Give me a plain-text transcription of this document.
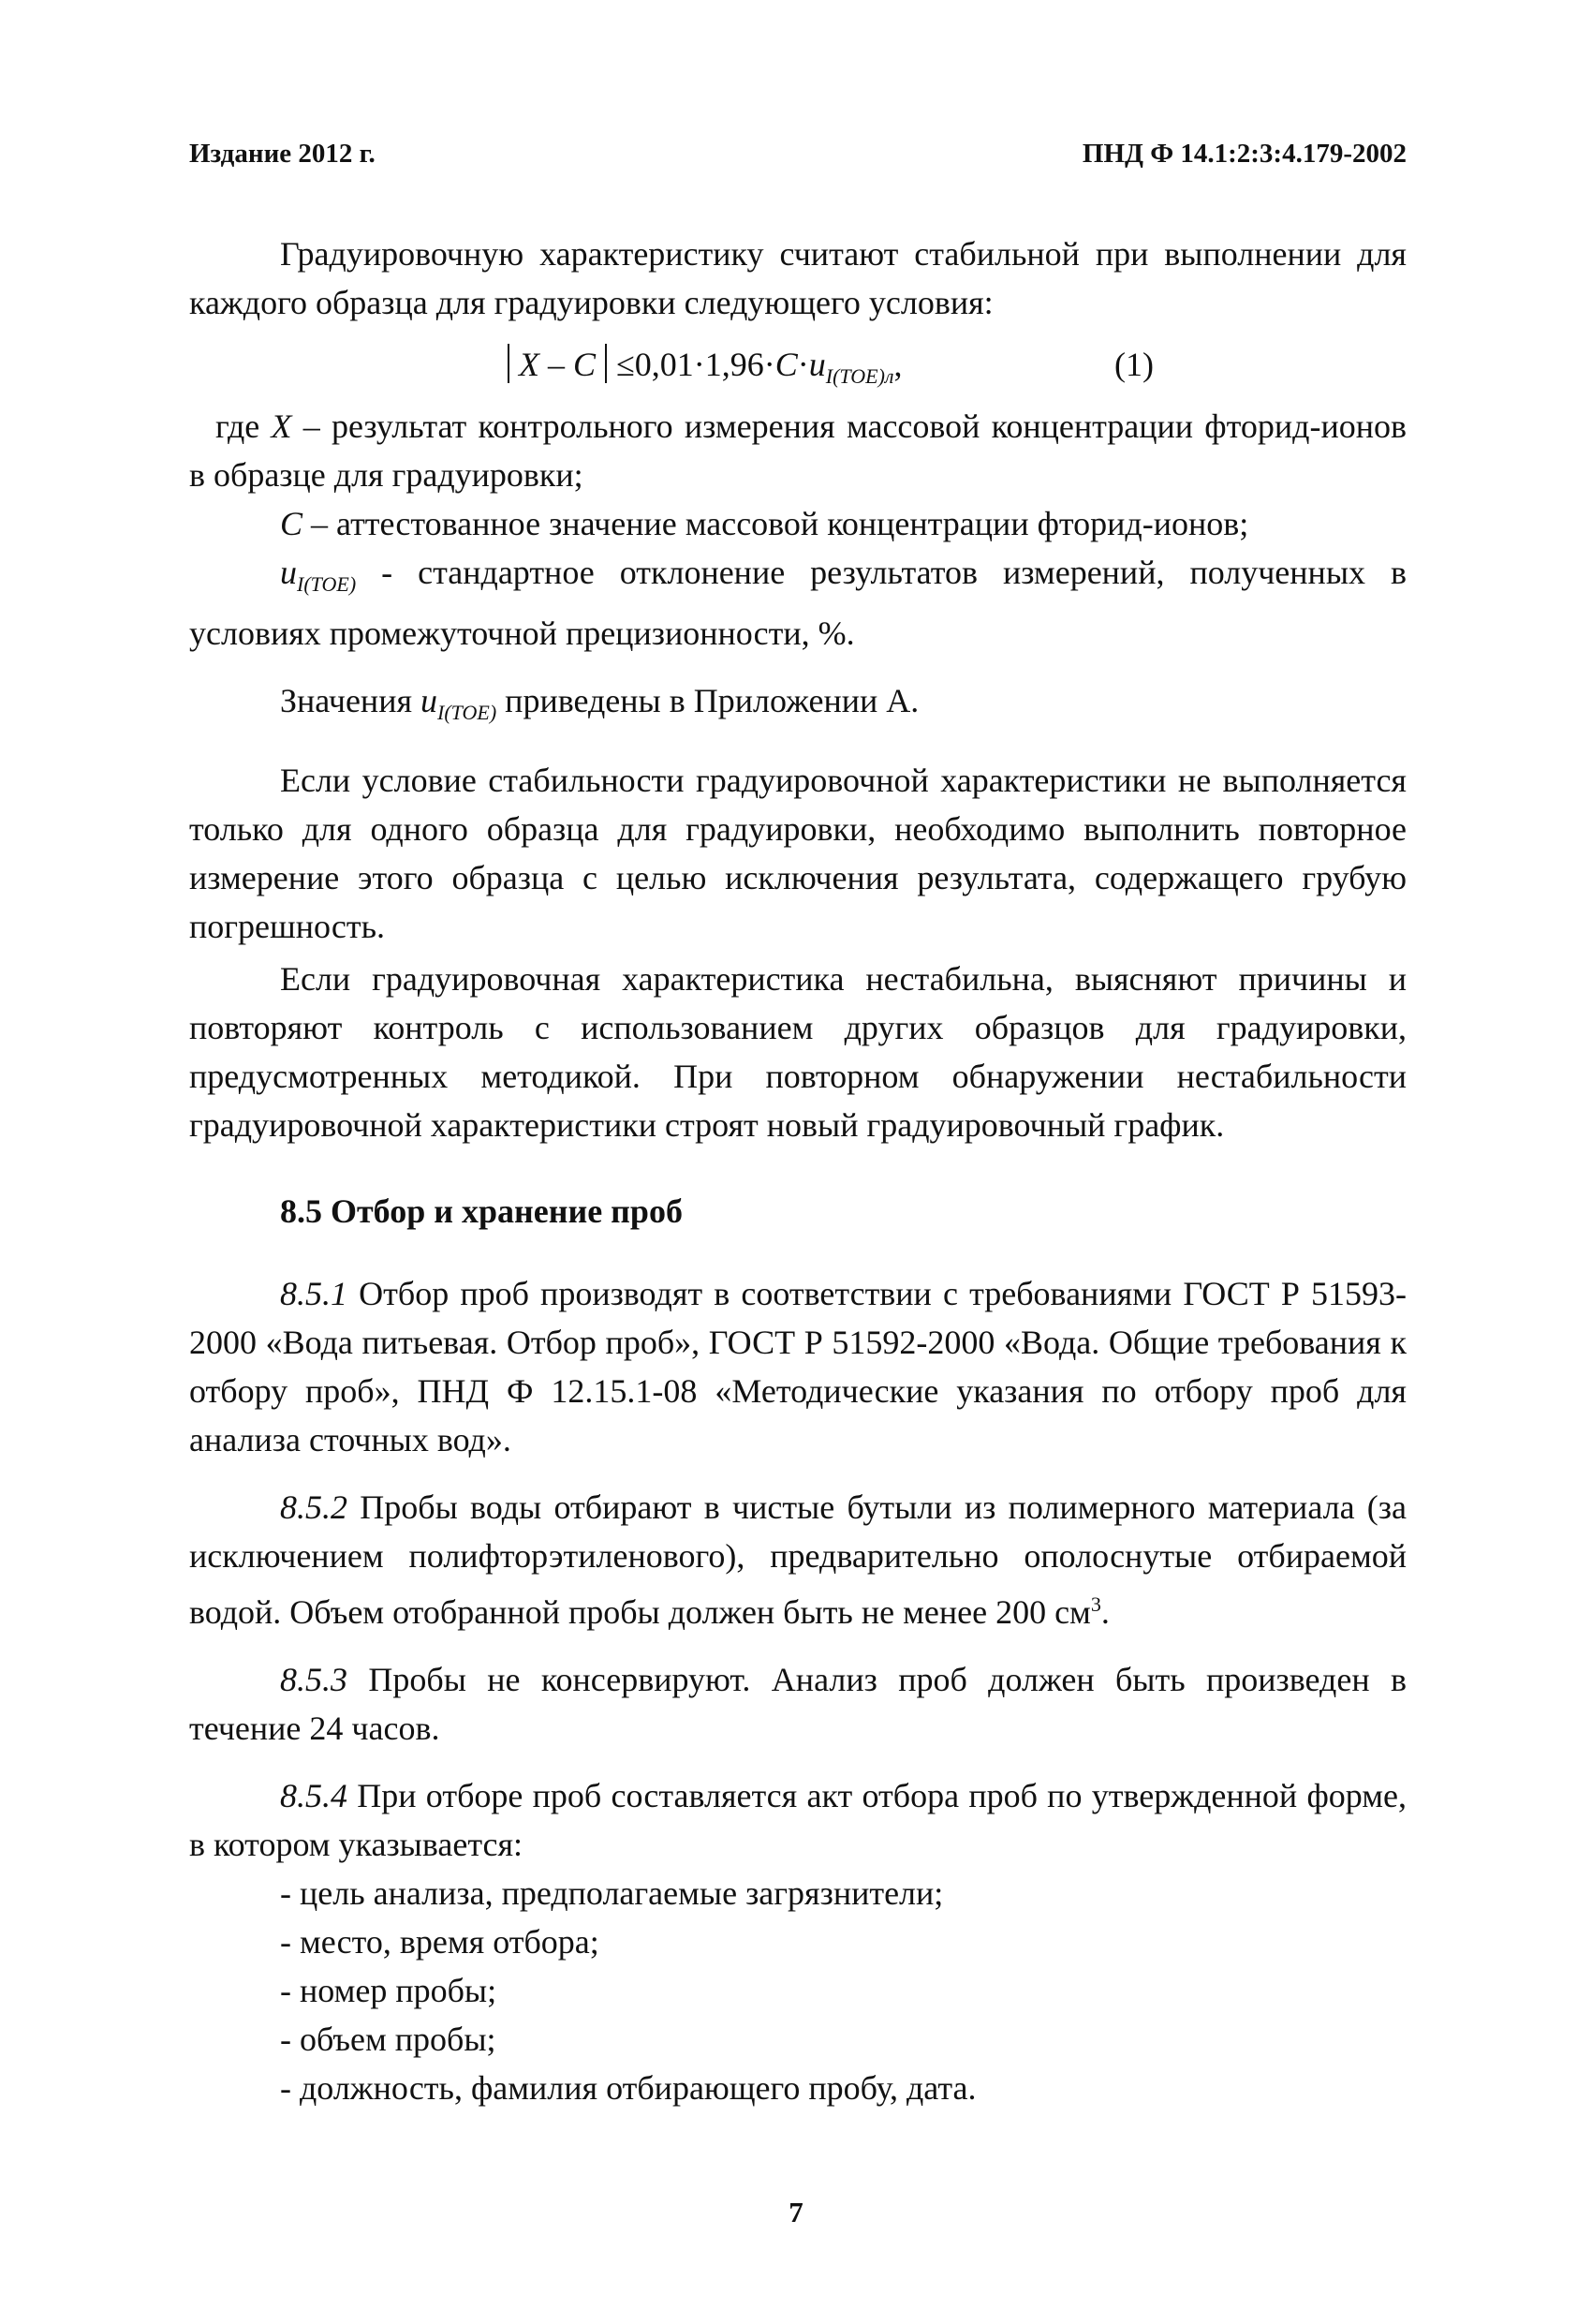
Издание 2012 г.	ПНД Ф 14.1:2:3:4.179-2002

Градуировочную характеристику считают стабильной при выполнении для каждого образца для градуировки следующего условия:

$X - C \le 0,01\cdot 1,96\cdot C\cdot u_{I(TOE)л}$,	(1)

где X – результат контрольного измерения массовой концентрации фторид-ионов в образце для градуировки;

С – аттестованное значение массовой концентрации фторид-ионов;

$u_{I(TOE)}$ - стандартное отклонение результатов измерений, полученных в условиях промежуточной прецизионности, %.

Значения $u_{I(TOE)}$ приведены в Приложении А.

Если условие стабильности градуировочной характеристики не выполняется только для одного образца для градуировки, необходимо выполнить повторное измерение этого образца с целью исключения результата, содержащего грубую погрешность.

Если градуировочная характеристика нестабильна, выясняют причины и повторяют контроль с использованием других образцов для градуировки, предусмотренных методикой. При повторном обнаружении нестабильности градуировочной характеристики строят новый градуировочный график.

8.5 Отбор и хранение проб

8.5.1 Отбор проб производят в соответствии с требованиями ГОСТ Р 51593-2000 «Вода питьевая. Отбор проб», ГОСТ Р 51592-2000 «Вода. Общие требования к отбору проб», ПНД Ф 12.15.1-08 «Методические указания по отбору проб для анализа сточных вод».

8.5.2 Пробы воды отбирают в чистые бутыли из полимерного материала (за исключением полифторэтиленового), предварительно ополоснутые отбираемой водой. Объем отобранной пробы должен быть не менее 200 $см^3$.

8.5.3 Пробы не консервируют. Анализ проб должен быть произведен в течение 24 часов.

8.5.4 При отборе проб составляется акт отбора проб по утвержденной форме, в котором указывается:

- цель анализа, предполагаемые загрязнители;
- место, время отбора;
- номер пробы;
- объем пробы;
- должность, фамилия отбирающего пробу, дата.
7
